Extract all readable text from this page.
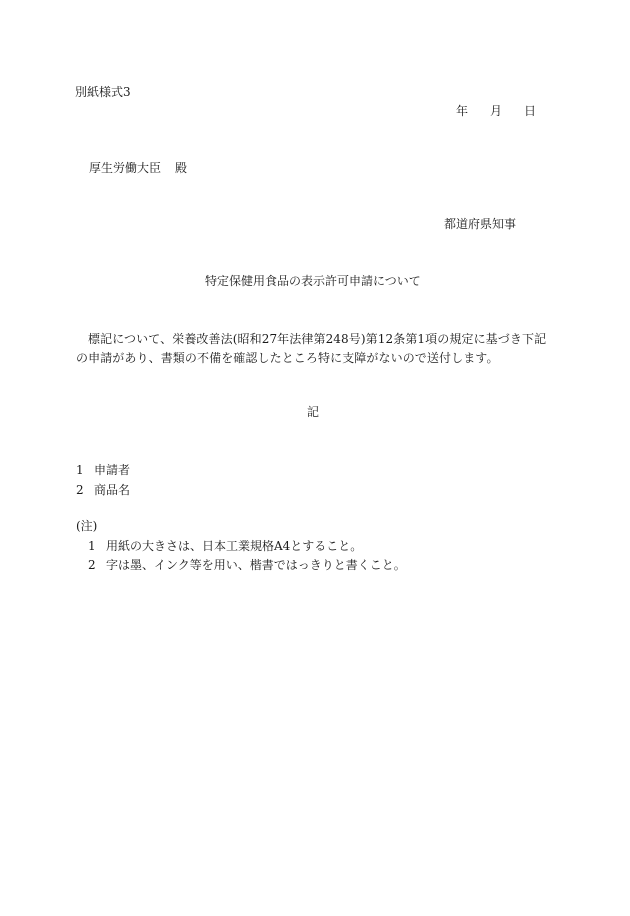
別紙様式3
年 月 日
厚生労働大臣 殿
都道府県知事
特定保健用食品の表示許可申請について
標記について、栄養改善法(昭和27年法律第248号)第12条第1項の規定に基づき下記の申請があり、書類の不備を確認したところ特に支障がないので送付します。
記
1 申請者
2 商品名
(注)
1 用紙の大きさは、日本工業規格A4とすること。
2 字は墨、インク等を用い、楷書ではっきりと書くこと。
